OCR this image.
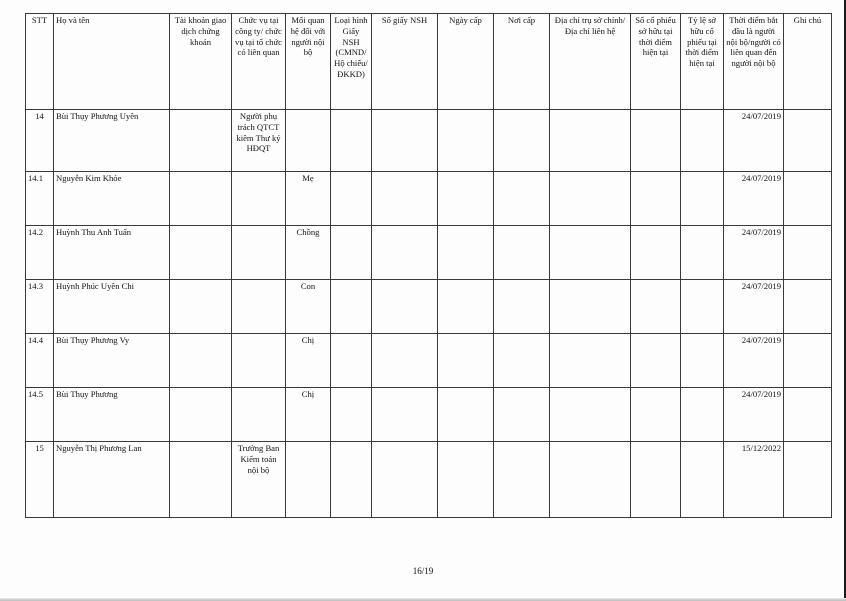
STT	Họ và tên	Tài khoản giao dịch chứng khoán	Chức vụ tại công ty/ chức vụ tại tổ chức có liên quan	Mối quan hệ đối với người nội bộ	Loại hình Giấy NSH (CMND/ Hộ chiếu/ ĐKKD)	Số giấy NSH	Ngày cấp	Nơi cấp	Địa chỉ trụ sở chính/Địa chỉ liên hệ	Số cổ phiếu sở hữu tại thời điểm hiện tại	Tỷ lệ sở hữu cổ phiếu tại thời điểm hiện tại	Thời điểm bắt đầu là người nội bộ/người có liên quan đến người nội bộ	Ghi chú
14	Bùi Thụy Phương Uyên		Người phụ trách QTCT kiêm Thư ký HĐQT									24/07/2019	
14.1	Nguyễn Kim Khỏe			Mẹ								24/07/2019	
14.2	Huỳnh Thu Anh Tuấn			Chồng								24/07/2019	
14.3	Huỳnh Phúc Uyên Chi			Con								24/07/2019	
14.4	Bùi Thụy Phương Vy			Chị								24/07/2019	
14.5	Bùi Thụy Phương			Chị								24/07/2019	
15	Nguyễn Thị Phương Lan		Trưởng Ban Kiểm toán nội bộ									15/12/2022	
16/19
